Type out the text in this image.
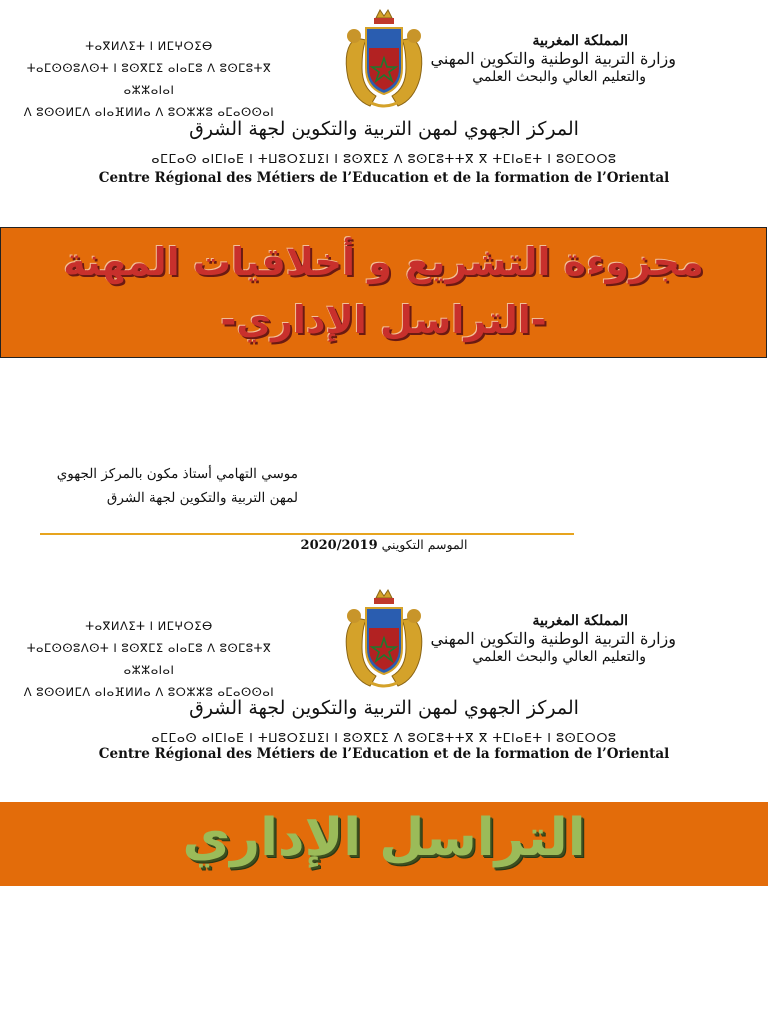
المملكة المغربية
وزارة التربية الوطنية والتكوين المهني
والتعليم العالي والبحث العلمي
ⵜⴰⴳⵍⴷⵉⵜ ⵏ ⵍⵎⵖⵔⵉⴱ
ⵜⴰⵎⵙⵙⵓⴷⵙⵜ ⵏ ⵓⵙⴳⵎⵉ ⴰⵏⴰⵎⵓ ⴷ ⵓⵙⵎⵓⵜⴳ ⴰⵣⵣⴰⵏⴰⵏ
ⴷ ⵓⵙⵙⵍⵎⴷ ⴰⵏⴰⴼⵍⵍⴰ ⴷ ⵓⵔⵣⵣⵓ ⴰⵎⴰⵙⵙⴰⵏ
المركز الجهوي لمهن التربية والتكوين لجهة الشرق
ⴰⵎⵎⴰⵙ ⴰⵏⵎⵏⴰⴹ ⵏ ⵜⵡⵓⵔⵉⵡⵉⵏ ⵏ ⵓⵙⴳⵎⵉ ⴷ ⵓⵙⵎⵓⵜⵜⴳ ⴳ ⵜⵎⵏⴰⴹⵜ ⵏ ⵓⵙⵎⵔⵔⵓ
Centre Régional des Métiers de l’Education et de la formation de l’Oriental
مجزوءة التشريع و أخلاقيات المهنة
-التراسل الإداري-
موسي التهامي أستاذ مكون بالمركز الجهوي
لمهن التربية والتكوين لجهة الشرق
الموسم التكويني 2020/2019
المملكة المغربية
وزارة التربية الوطنية والتكوين المهني
والتعليم العالي والبحث العلمي
ⵜⴰⴳⵍⴷⵉⵜ ⵏ ⵍⵎⵖⵔⵉⴱ
ⵜⴰⵎⵙⵙⵓⴷⵙⵜ ⵏ ⵓⵙⴳⵎⵉ ⴰⵏⴰⵎⵓ ⴷ ⵓⵙⵎⵓⵜⴳ ⴰⵣⵣⴰⵏⴰⵏ
ⴷ ⵓⵙⵙⵍⵎⴷ ⴰⵏⴰⴼⵍⵍⴰ ⴷ ⵓⵔⵣⵣⵓ ⴰⵎⴰⵙⵙⴰⵏ
المركز الجهوي لمهن التربية والتكوين لجهة الشرق
ⴰⵎⵎⴰⵙ ⴰⵏⵎⵏⴰⴹ ⵏ ⵜⵡⵓⵔⵉⵡⵉⵏ ⵏ ⵓⵙⴳⵎⵉ ⴷ ⵓⵙⵎⵓⵜⵜⴳ ⴳ ⵜⵎⵏⴰⴹⵜ ⵏ ⵓⵙⵎⵔⵔⵓ
Centre Régional des Métiers de l’Education et de la formation de l’Oriental
التراسل الإداري
